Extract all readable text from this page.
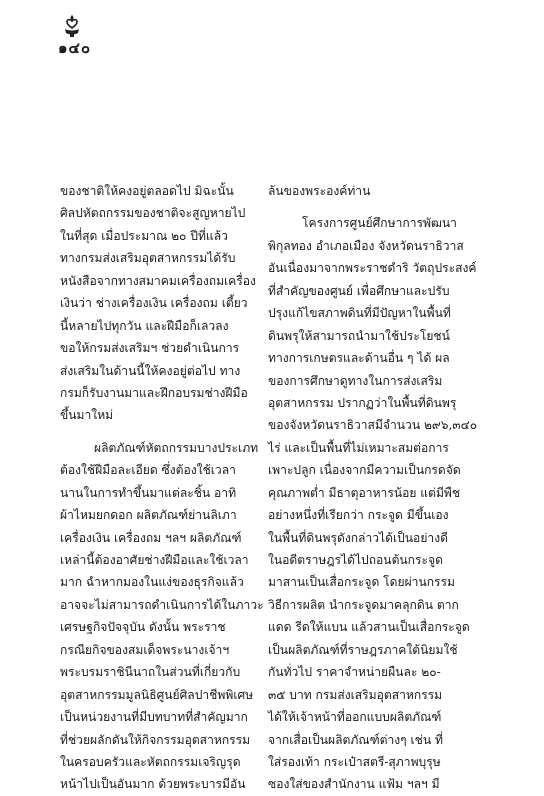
๑๔๐
ของชาติให้คงอยู่ตลอดไป มิฉะนั้น
ศิลปหัตถกรรมของชาติจะสูญหายไป
ในที่สุด เมื่อประมาณ ๒๐ ปีที่แล้ว
ทางกรมส่งเสริมอุตสาหกรรมได้รับ
หนังสือจากทางสมาคมเครื่องถมเครื่อง
เงินว่า ช่างเครื่องเงิน เครื่องถม เตี้ยว
นี้หลายไปทุกวัน และฝีมือก็เลวลง
ขอให้กรมส่งเสริมฯ ช่วยดำเนินการ
ส่งเสริมในด้านนี้ให้คงอยู่ต่อไป ทาง
กรมก็รับงานมาและฝึกอบรมช่างฝีมือ
ขึ้นมาใหม่
ผลิตภัณฑ์หัตถกรรมบางประเภท
ต้องใช้ฝีมือละเอียด ซึ่งต้องใช้เวลา
นานในการทำขึ้นมาแต่ละชิ้น อาทิ
ผ้าไหมยกดอก ผลิตภัณฑ์ย่านลิเภา
เครื่องเงิน เครื่องถม ฯลฯ ผลิตภัณฑ์
เหล่านี้ต้องอาศัยช่างฝีมือและใช้เวลา
มาก ฉำหากมองในแง่ของธุรกิจแล้ว
อาจจะไม่สามารถดำเนินการได้ในภาวะ
เศรษฐกิจปัจจุบัน ดังนั้น พระราช
กรณียกิจของสมเด็จพระนางเจ้าฯ
พระบรมราชินีนาถในส่วนที่เกี่ยวกับ
อุตสาหกรรมมูลนิธิศูนย์ศิลปาชีพพิเศษ
เป็นหน่วยงานที่มีบทบาทที่สำคัญมาก
ที่ช่วยผลักดันให้กิจกรรมอุตสาหกรรม
ในครอบครัวและหัตถกรรมเจริญรุด
หน้าไปเป็นอันมาก ด้วยพระบารมีอัน
ล้นของพระองค์ท่าน
โครงการศูนย์ศึกษาการพัฒนา
พิกุลทอง อำเภอเมือง จังหวัดนราธิวาส
อันเนื่องมาจากพระราชดำริ วัตถุประสงค์
ที่สำคัญของศูนย์ เพื่อศึกษาและปรับ
ปรุงแก้ไขสภาพดินที่มีปัญหาในพื้นที่
ดินพรุให้สามารถนำมาใช้ประโยชน์
ทางการเกษตรและด้านอื่น ๆ ได้ ผล
ของการศึกษาดูทางในการส่งเสริม
อุตสาหกรรม ปรากฏว่าในพื้นที่ดินพรุ
ของจังหวัดนราธิวาสมีจำนวน ๒๙๖,๓๔๐
ไร่ และเป็นพื้นที่ไม่เหมาะสมต่อการ
เพาะปลูก เนื่องจากมีความเป็นกรดจัด
คุณภาพต่ำ มีธาตุอาหารน้อย แต่มีพืช
อย่างหนึ่งที่เรียกว่า กระจูด มีขึ้นเอง
ในพื้นที่ดินพรุดังกล่าวได้เป็นอย่างดี
ในอดีตราษฎรได้ไปถอนต้นกระจูด
มาสานเป็นเสื่อกระจูด โดยผ่านกรรม
วิธีการผลิต นำกระจูดมาคลุกดิน ตาก
แดด รีดให้แบน แล้วสานเป็นเสื่อกระจูด
เป็นผลิตภัณฑ์ที่ราษฎรภาคใต้นิยมใช้
กันทั่วไป ราคาจำหน่ายผืนละ ๒๐-
๓๕ บาท กรมส่งเสริมอุตสาหกรรม
ได้ให้เจ้าหน้าที่ออกแบบผลิตภัณฑ์
จากเสื่อเป็นผลิตภัณฑ์ต่างๆ เช่น ที่
ใส่รองเท้า กระเป๋าสตรี-สุภาพบุรุษ
ซองใส่ของสำนักงาน แฟ้ม ฯลฯ มี
